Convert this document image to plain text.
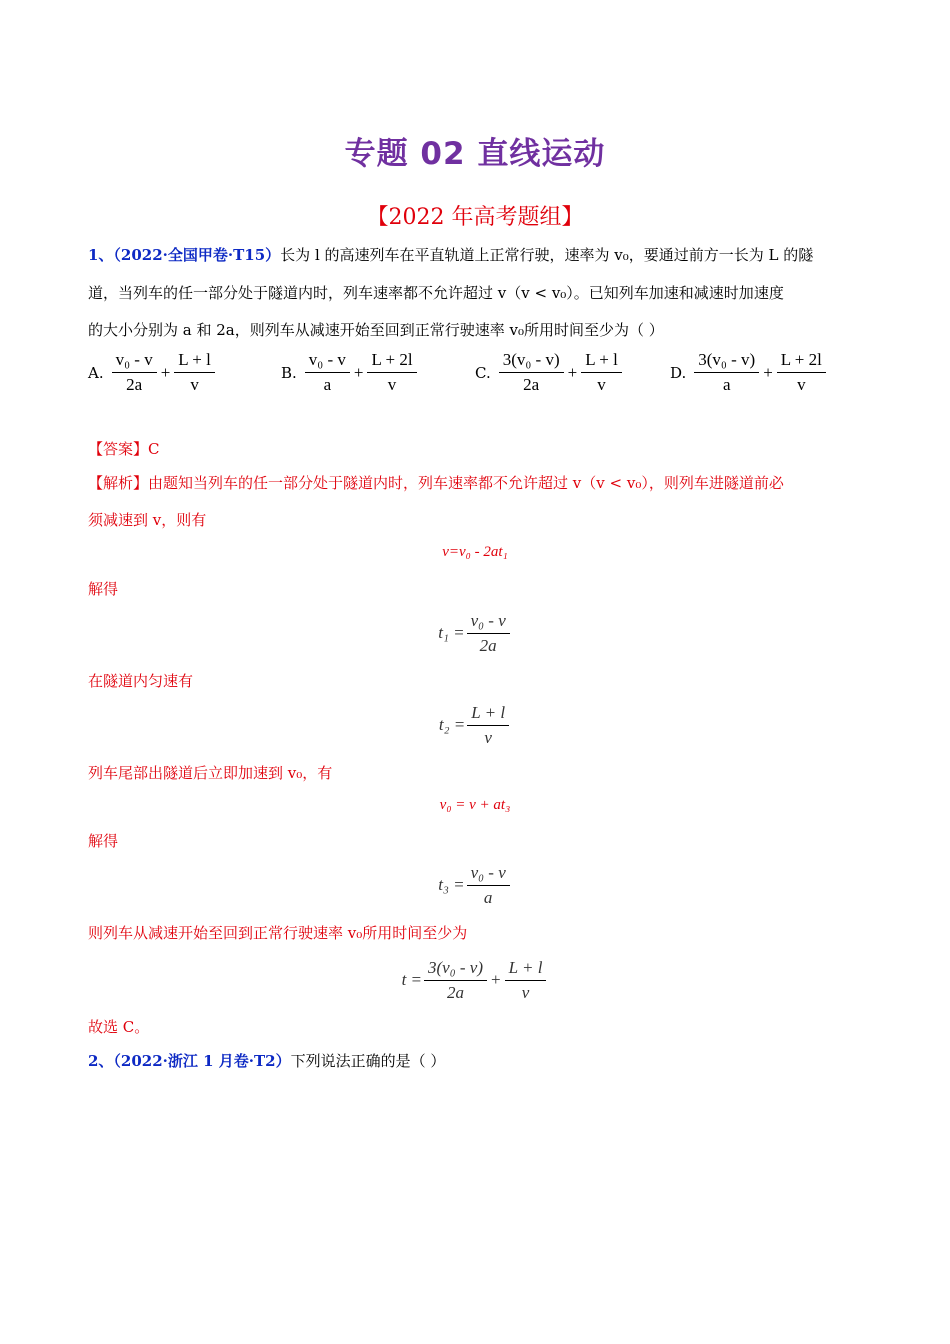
专题 02 直线运动
【2022 年高考题组】
1、（2022·全国甲卷·T15）长为 l 的高速列车在平直轨道上正常行驶，速率为 v₀，要通过前方一长为 L 的隧
道，当列车的任一部分处于隧道内时，列车速率都不允许超过 v（v < v₀）。已知列车加速和减速时加速度
的大小分别为 a 和 2a，则列车从减速开始至回到正常行驶速率 v₀所用时间至少为（ ）
A. $\frac{\text{v₀ - v}}{2a} + \frac{L + l}{v}$	B. $\frac{\text{v₀ - v}}{a} + \frac{L + 2l}{v}$	C. $\frac{\text{3(v₀ - v)}}{2a} + \frac{L + l}{v}$	D. $\frac{\text{3(v₀ - v)}}{a} + \frac{L + 2l}{v}$
【答案】C
【解析】由题知当列车的任一部分处于隧道内时，列车速率都不允许超过 v（v < v₀），则列车进隧道前必
须减速到 v，则有
v=v₀ - 2at₁
解得
$t_1 = \frac{\text{v₀ - v}}{2a}$
在隧道内匀速有
$t_2 = \frac{L + l}{v}$
列车尾部出隧道后立即加速到 v₀，有
v₀ = v + at₃
解得
$t_3 = \frac{\text{v₀ - v}}{a}$
则列车从减速开始至回到正常行驶速率 v₀所用时间至少为
$t = \frac{\text{3(v₀ - v)}}{2a} + \frac{L + l}{v}$
故选 C。
2、（2022·浙江 1 月卷·T2）下列说法正确的是（ ）
